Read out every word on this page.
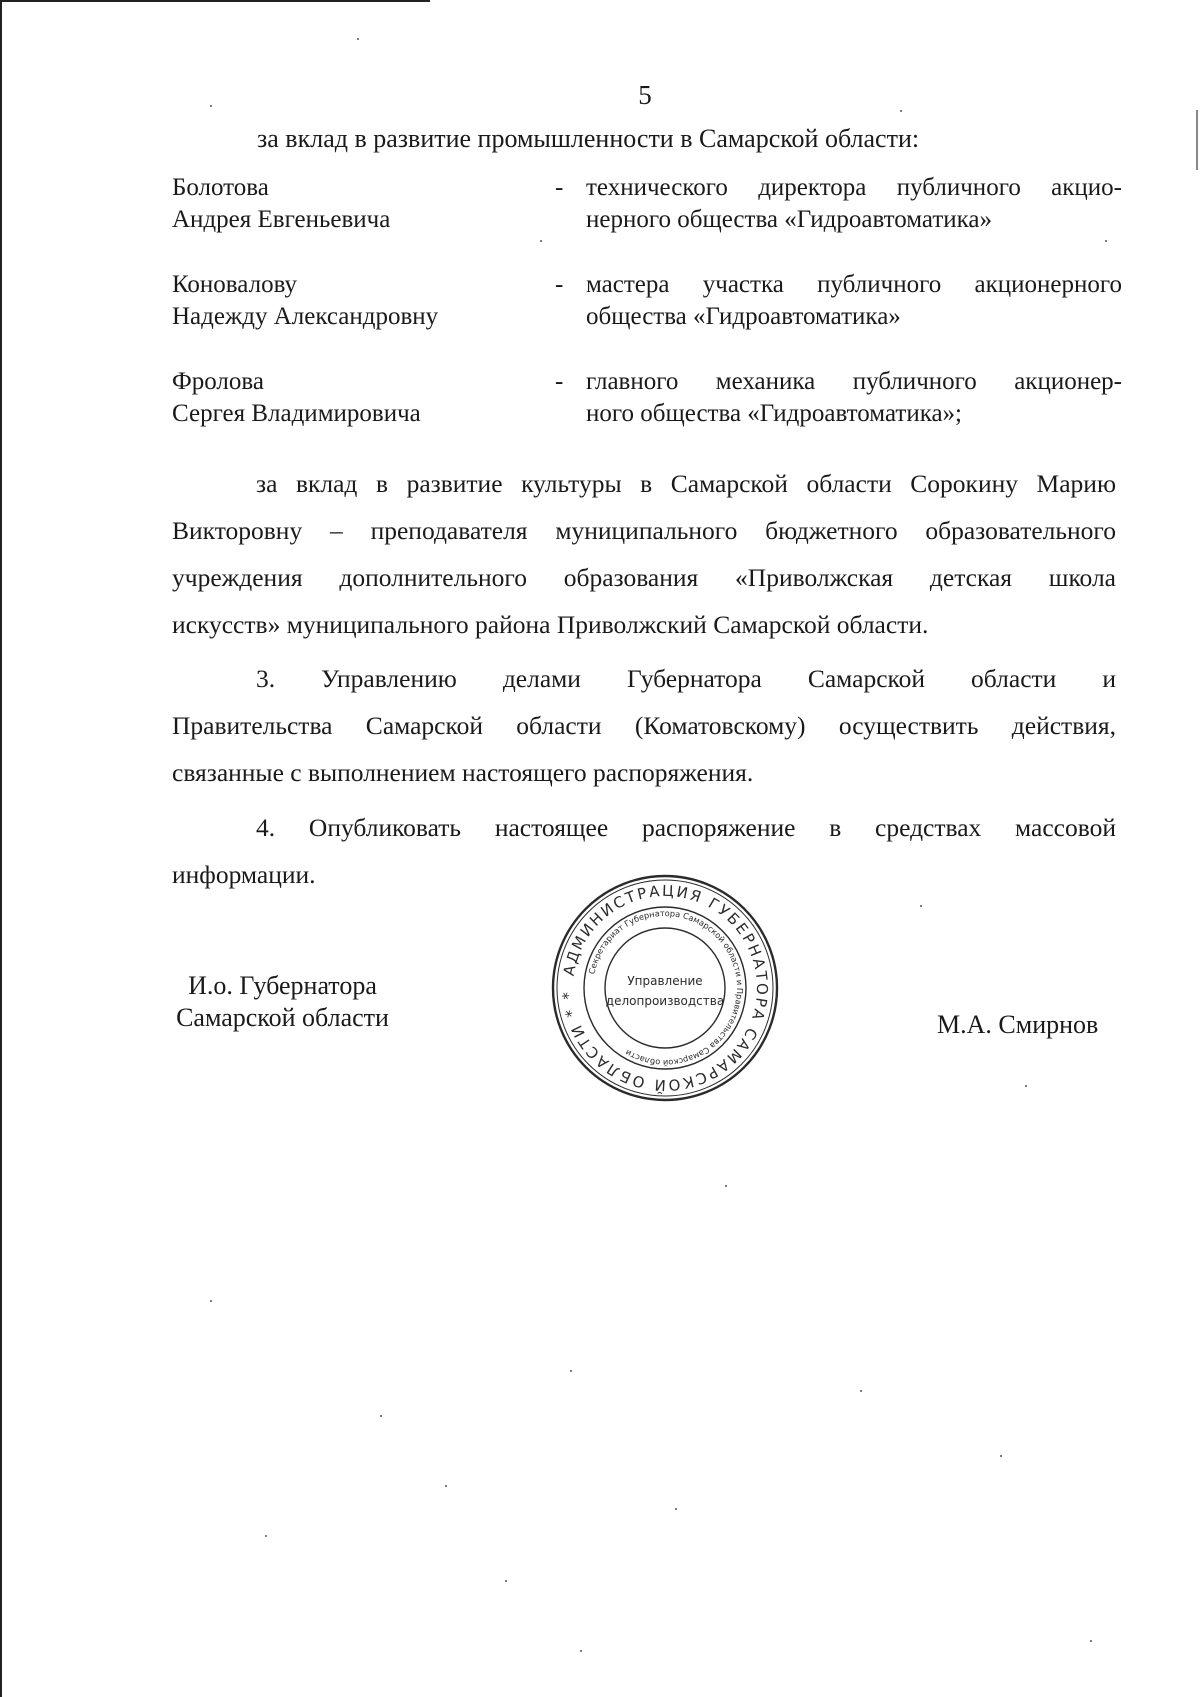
5
за вклад в развитие промышленности в Самарской области:
Болотова
Андрея Евгеньевича
- технического директора публичного акцио-
нерного общества «Гидроавтоматика»
Коновалову
Надежду Александровну
- мастера участка публичного акционерного
общества «Гидроавтоматика»
Фролова
Сергея Владимировича
- главного механика публичного акционер-
ного общества «Гидроавтоматика»;
за вклад в развитие культуры в Самарской области Сорокину Марию
Викторовну – преподавателя муниципального бюджетного образовательного
учреждения дополнительного образования «Приволжская детская школа
искусств» муниципального района Приволжский Самарской области.
3. Управлению делами Губернатора Самарской области и
Правительства Самарской области (Коматовскому) осуществить действия,
связанные с выполнением настоящего распоряжения.
4. Опубликовать настоящее распоряжение в средствах массовой
информации.
И.о. Губернатора
Самарской области	М.А. Смирнов
АДМИНИСТРАЦИЯ ГУБЕРНАТОРА САМАРСКОЙ ОБЛАСТИ * *
Секретариат Губернатора Самарской области и Правительства Самарской области
Управление
делопроизводства
